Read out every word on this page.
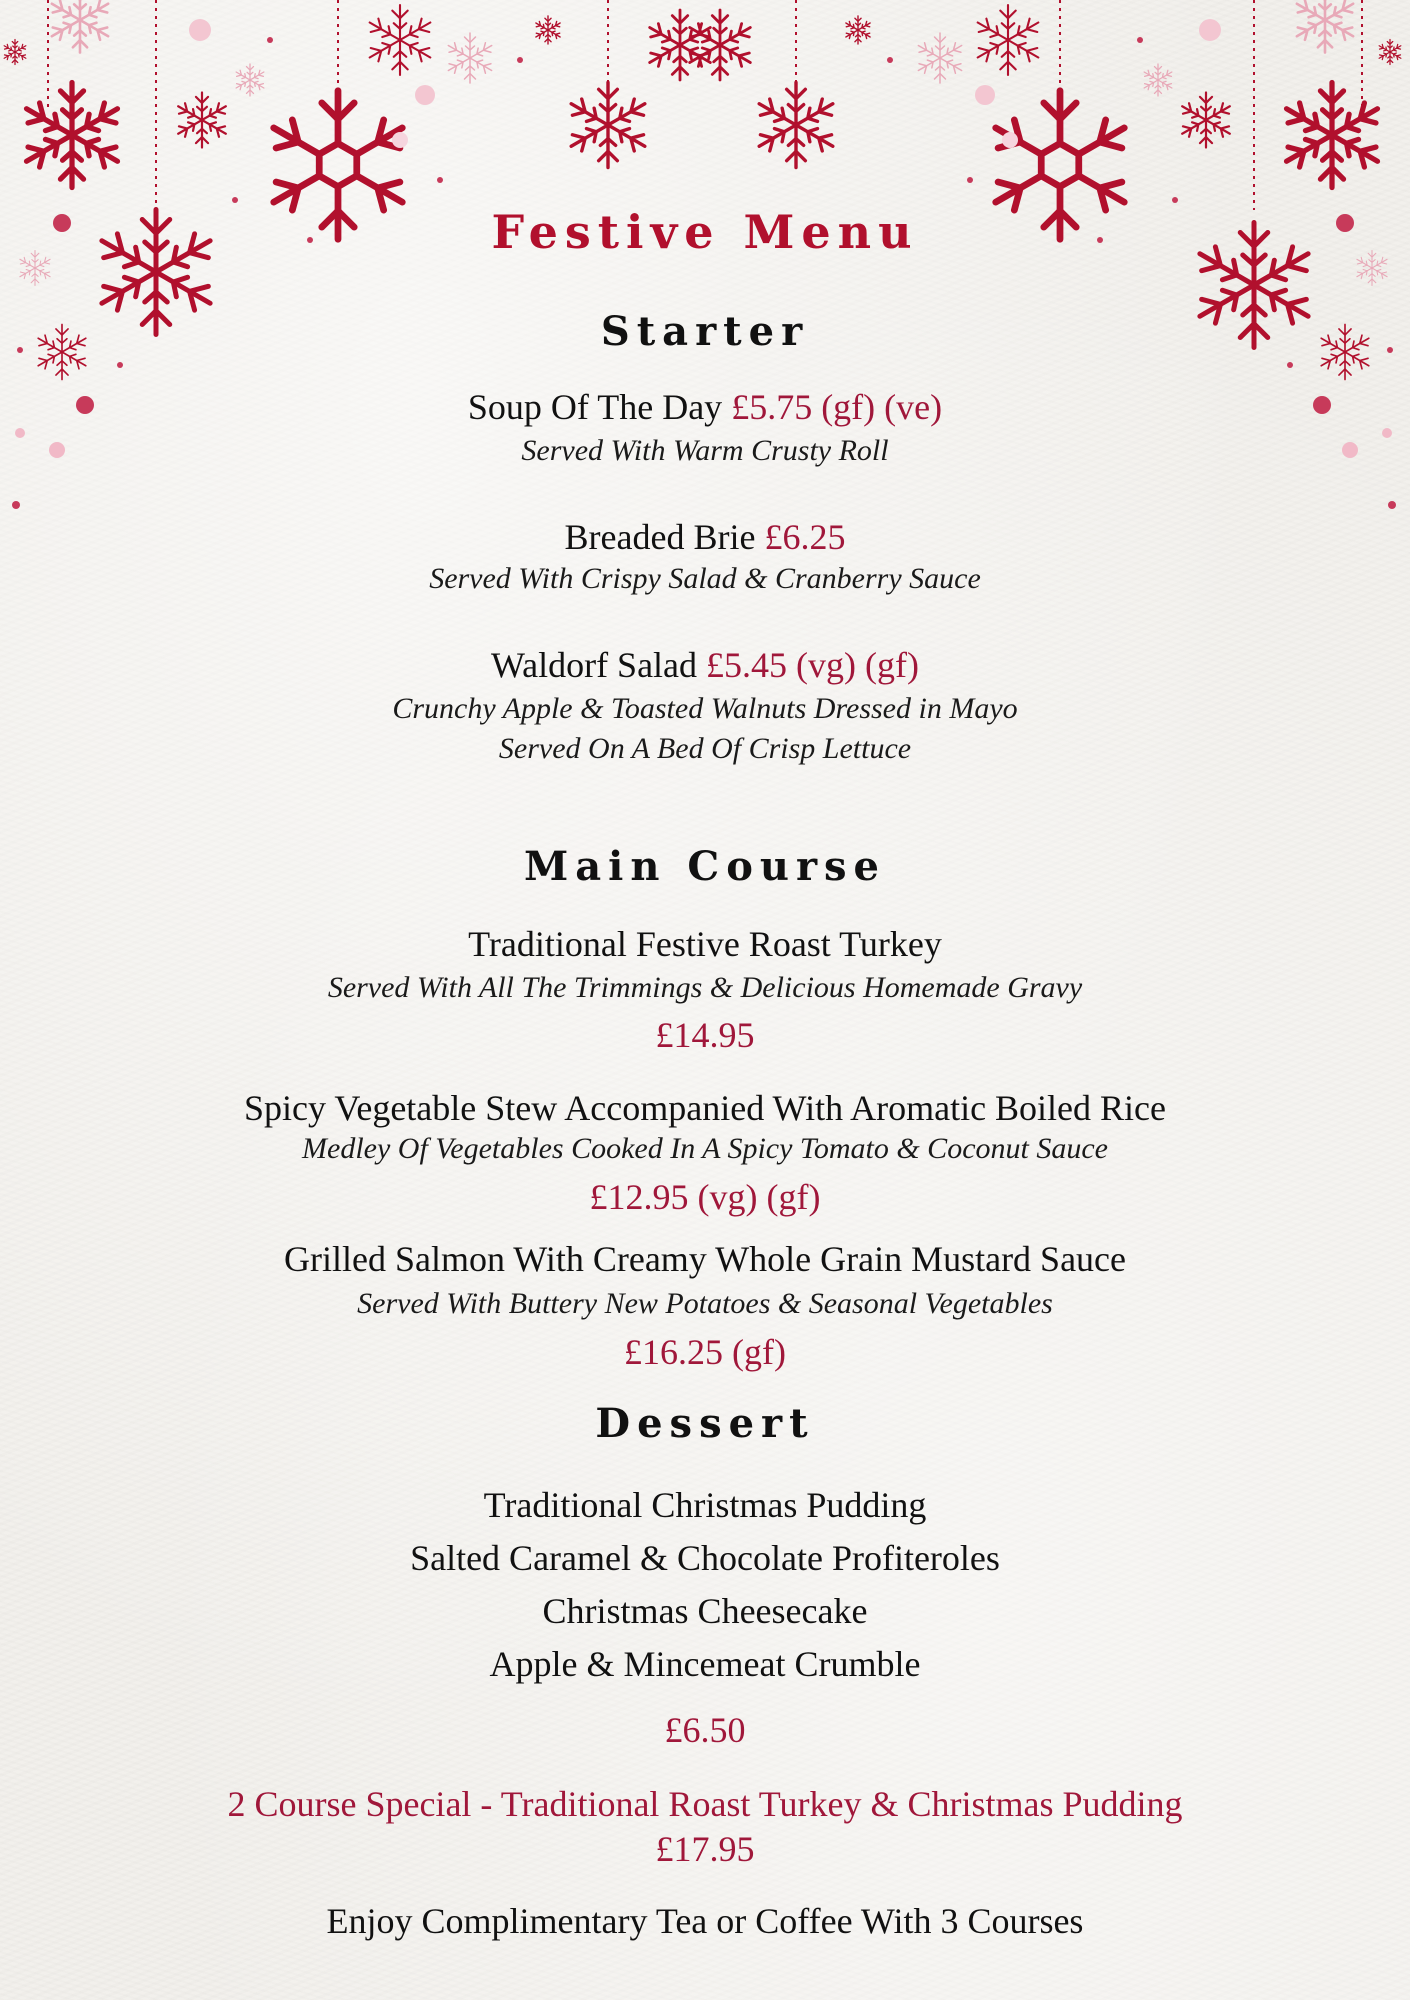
Festive Menu
Starter
Soup Of The Day £5.75 (gf) (ve)
Served With Warm Crusty Roll
Breaded Brie £6.25
Served With Crispy Salad & Cranberry Sauce
Waldorf Salad £5.45 (vg) (gf)
Crunchy Apple & Toasted Walnuts Dressed in Mayo
Served On A Bed Of Crisp Lettuce
Main Course
Traditional Festive Roast Turkey
Served With All The Trimmings & Delicious Homemade Gravy
£14.95
Spicy Vegetable Stew Accompanied With Aromatic Boiled Rice
Medley Of Vegetables Cooked In A Spicy Tomato & Coconut Sauce
£12.95 (vg) (gf)
Grilled Salmon With Creamy Whole Grain Mustard Sauce
Served With Buttery New Potatoes & Seasonal Vegetables
£16.25 (gf)
Dessert
Traditional Christmas Pudding
Salted Caramel & Chocolate Profiteroles
Christmas Cheesecake
Apple & Mincemeat Crumble
£6.50
2 Course Special - Traditional Roast Turkey & Christmas Pudding
£17.95
Enjoy Complimentary Tea or Coffee With 3 Courses
